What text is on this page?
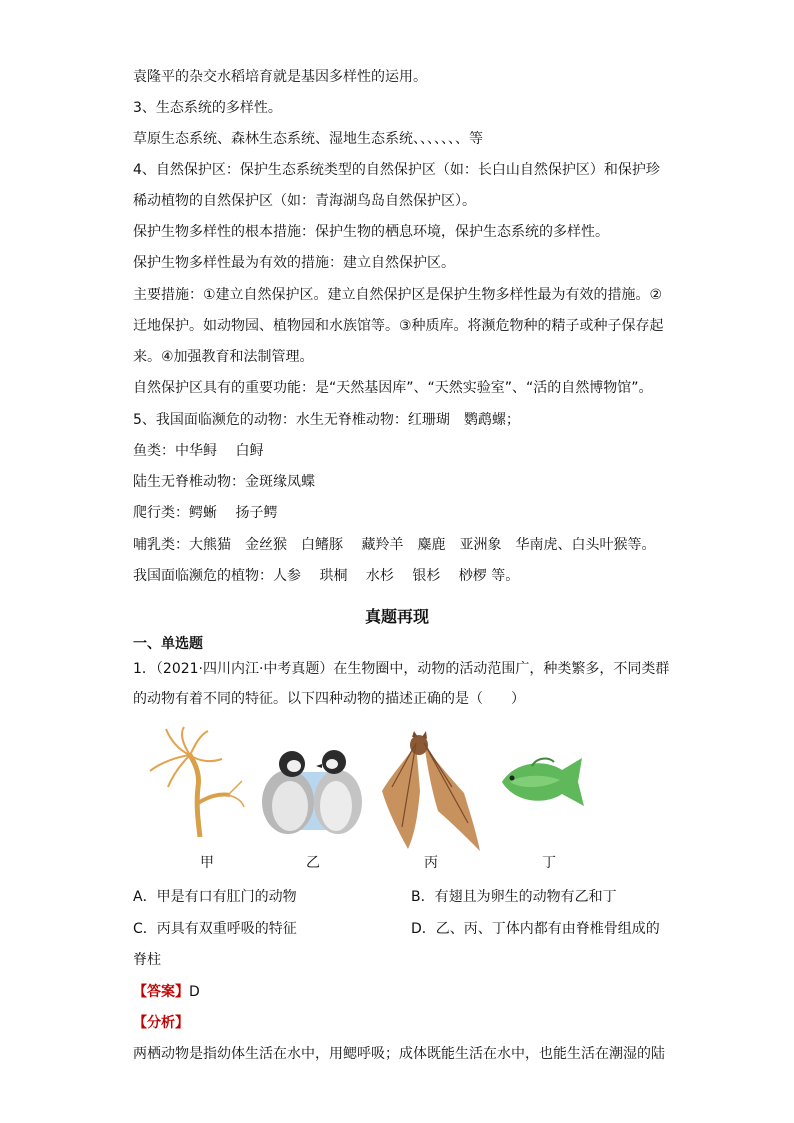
袁隆平的杂交水稻培育就是基因多样性的运用。
3、生态系统的多样性。
草原生态系统、森林生态系统、湿地生态系统、、、、、、、等
4、自然保护区：保护生态系统类型的自然保护区（如：长白山自然保护区）和保护珍
稀动植物的自然保护区（如：青海湖鸟岛自然保护区）。
保护生物多样性的根本措施：保护生物的栖息环境，保护生态系统的多样性。
保护生物多样性最为有效的措施：建立自然保护区。
主要措施：①建立自然保护区。建立自然保护区是保护生物多样性最为有效的措施。②
迁地保护。如动物园、植物园和水族馆等。③种质库。将濒危物种的精子或种子保存起
来。④加强教育和法制管理。
自然保护区具有的重要功能：是“天然基因库”、“天然实验室”、“活的自然博物馆”。
5、我国面临濒危的动物：水生无脊椎动物：红珊瑚　鹦鹉螺；
鱼类：中华鲟　 白鲟
陆生无脊椎动物：金斑缘凤蝶
爬行类：鳄蜥　 扬子鳄
哺乳类：大熊猫　金丝猴　白鳍豚　 藏羚羊　麋鹿　亚洲象　华南虎、白头叶猴等。
我国面临濒危的植物：人参　 珙桐　 水杉　 银杉　 桫椤 等。
真题再现
一、单选题
1．（2021·四川内江·中考真题）在生物圈中，动物的活动范围广，种类繁多，不同类群
的动物有着不同的特征。以下四种动物的描述正确的是（　　）
甲	乙	丙	丁
A．甲是有口有肛门的动物	B．有翅且为卵生的动物有乙和丁
C．丙具有双重呼吸的特征	D．乙、丙、丁体内都有由脊椎骨组成的
脊柱
【答案】D
【分析】
两栖动物是指幼体生活在水中，用鳃呼吸；成体既能生活在水中，也能生活在潮湿的陆
